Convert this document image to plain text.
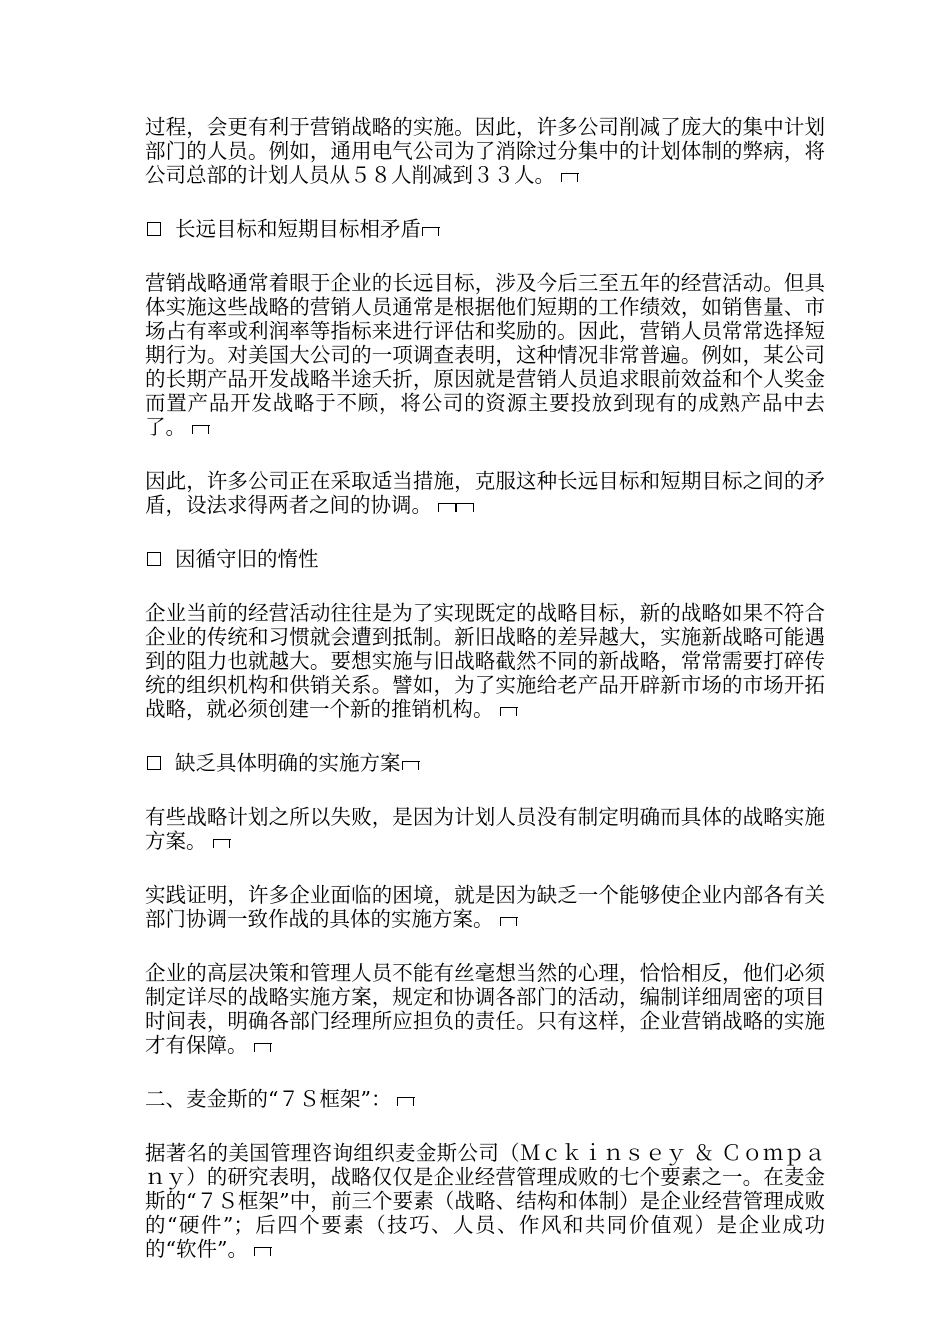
过程，会更有利于营销战略的实施。因此，许多公司削减了庞大的集中计划部门的人员。例如，通用电气公司为了消除过分集中的计划体制的弊病，将公司总部的计划人员从５８人削减到３３人。

长远目标和短期目标相矛盾

营销战略通常着眼于企业的长远目标，涉及今后三至五年的经营活动。但具体实施这些战略的营销人员通常是根据他们短期的工作绩效，如销售量、市场占有率或利润率等指标来进行评估和奖励的。因此，营销人员常常选择短期行为。对美国大公司的一项调查表明，这种情况非常普遍。例如，某公司的长期产品开发战略半途夭折，原因就是营销人员追求眼前效益和个人奖金而置产品开发战略于不顾，将公司的资源主要投放到现有的成熟产品中去了。

因此，许多公司正在采取适当措施，克服这种长远目标和短期目标之间的矛盾，设法求得两者之间的协调。

因循守旧的惰性

企业当前的经营活动往往是为了实现既定的战略目标，新的战略如果不符合企业的传统和习惯就会遭到抵制。新旧战略的差异越大，实施新战略可能遇到的阻力也就越大。要想实施与旧战略截然不同的新战略，常常需要打碎传统的组织机构和供销关系。譬如，为了实施给老产品开辟新市场的市场开拓战略，就必须创建一个新的推销机构。

缺乏具体明确的实施方案

有些战略计划之所以失败，是因为计划人员没有制定明确而具体的战略实施方案。

实践证明，许多企业面临的困境，就是因为缺乏一个能够使企业内部各有关部门协调一致作战的具体的实施方案。

企业的高层决策和管理人员不能有丝毫想当然的心理，恰恰相反，他们必须制定详尽的战略实施方案，规定和协调各部门的活动，编制详细周密的项目时间表，明确各部门经理所应担负的责任。只有这样，企业营销战略的实施才有保障。

二、麦金斯的“７Ｓ框架”：

据著名的美国管理咨询组织麦金斯公司（Ｍｃｋｉｎｓｅｙ ＆ Ｃｏｍｐａｎｙ）的研究表明，战略仅仅是企业经营管理成败的七个要素之一。在麦金斯的“７Ｓ框架”中，前三个要素（战略、结构和体制）是企业经营管理成败的“硬件”；后四个要素（技巧、人员、作风和共同价值观）是企业成功的“软件”。
